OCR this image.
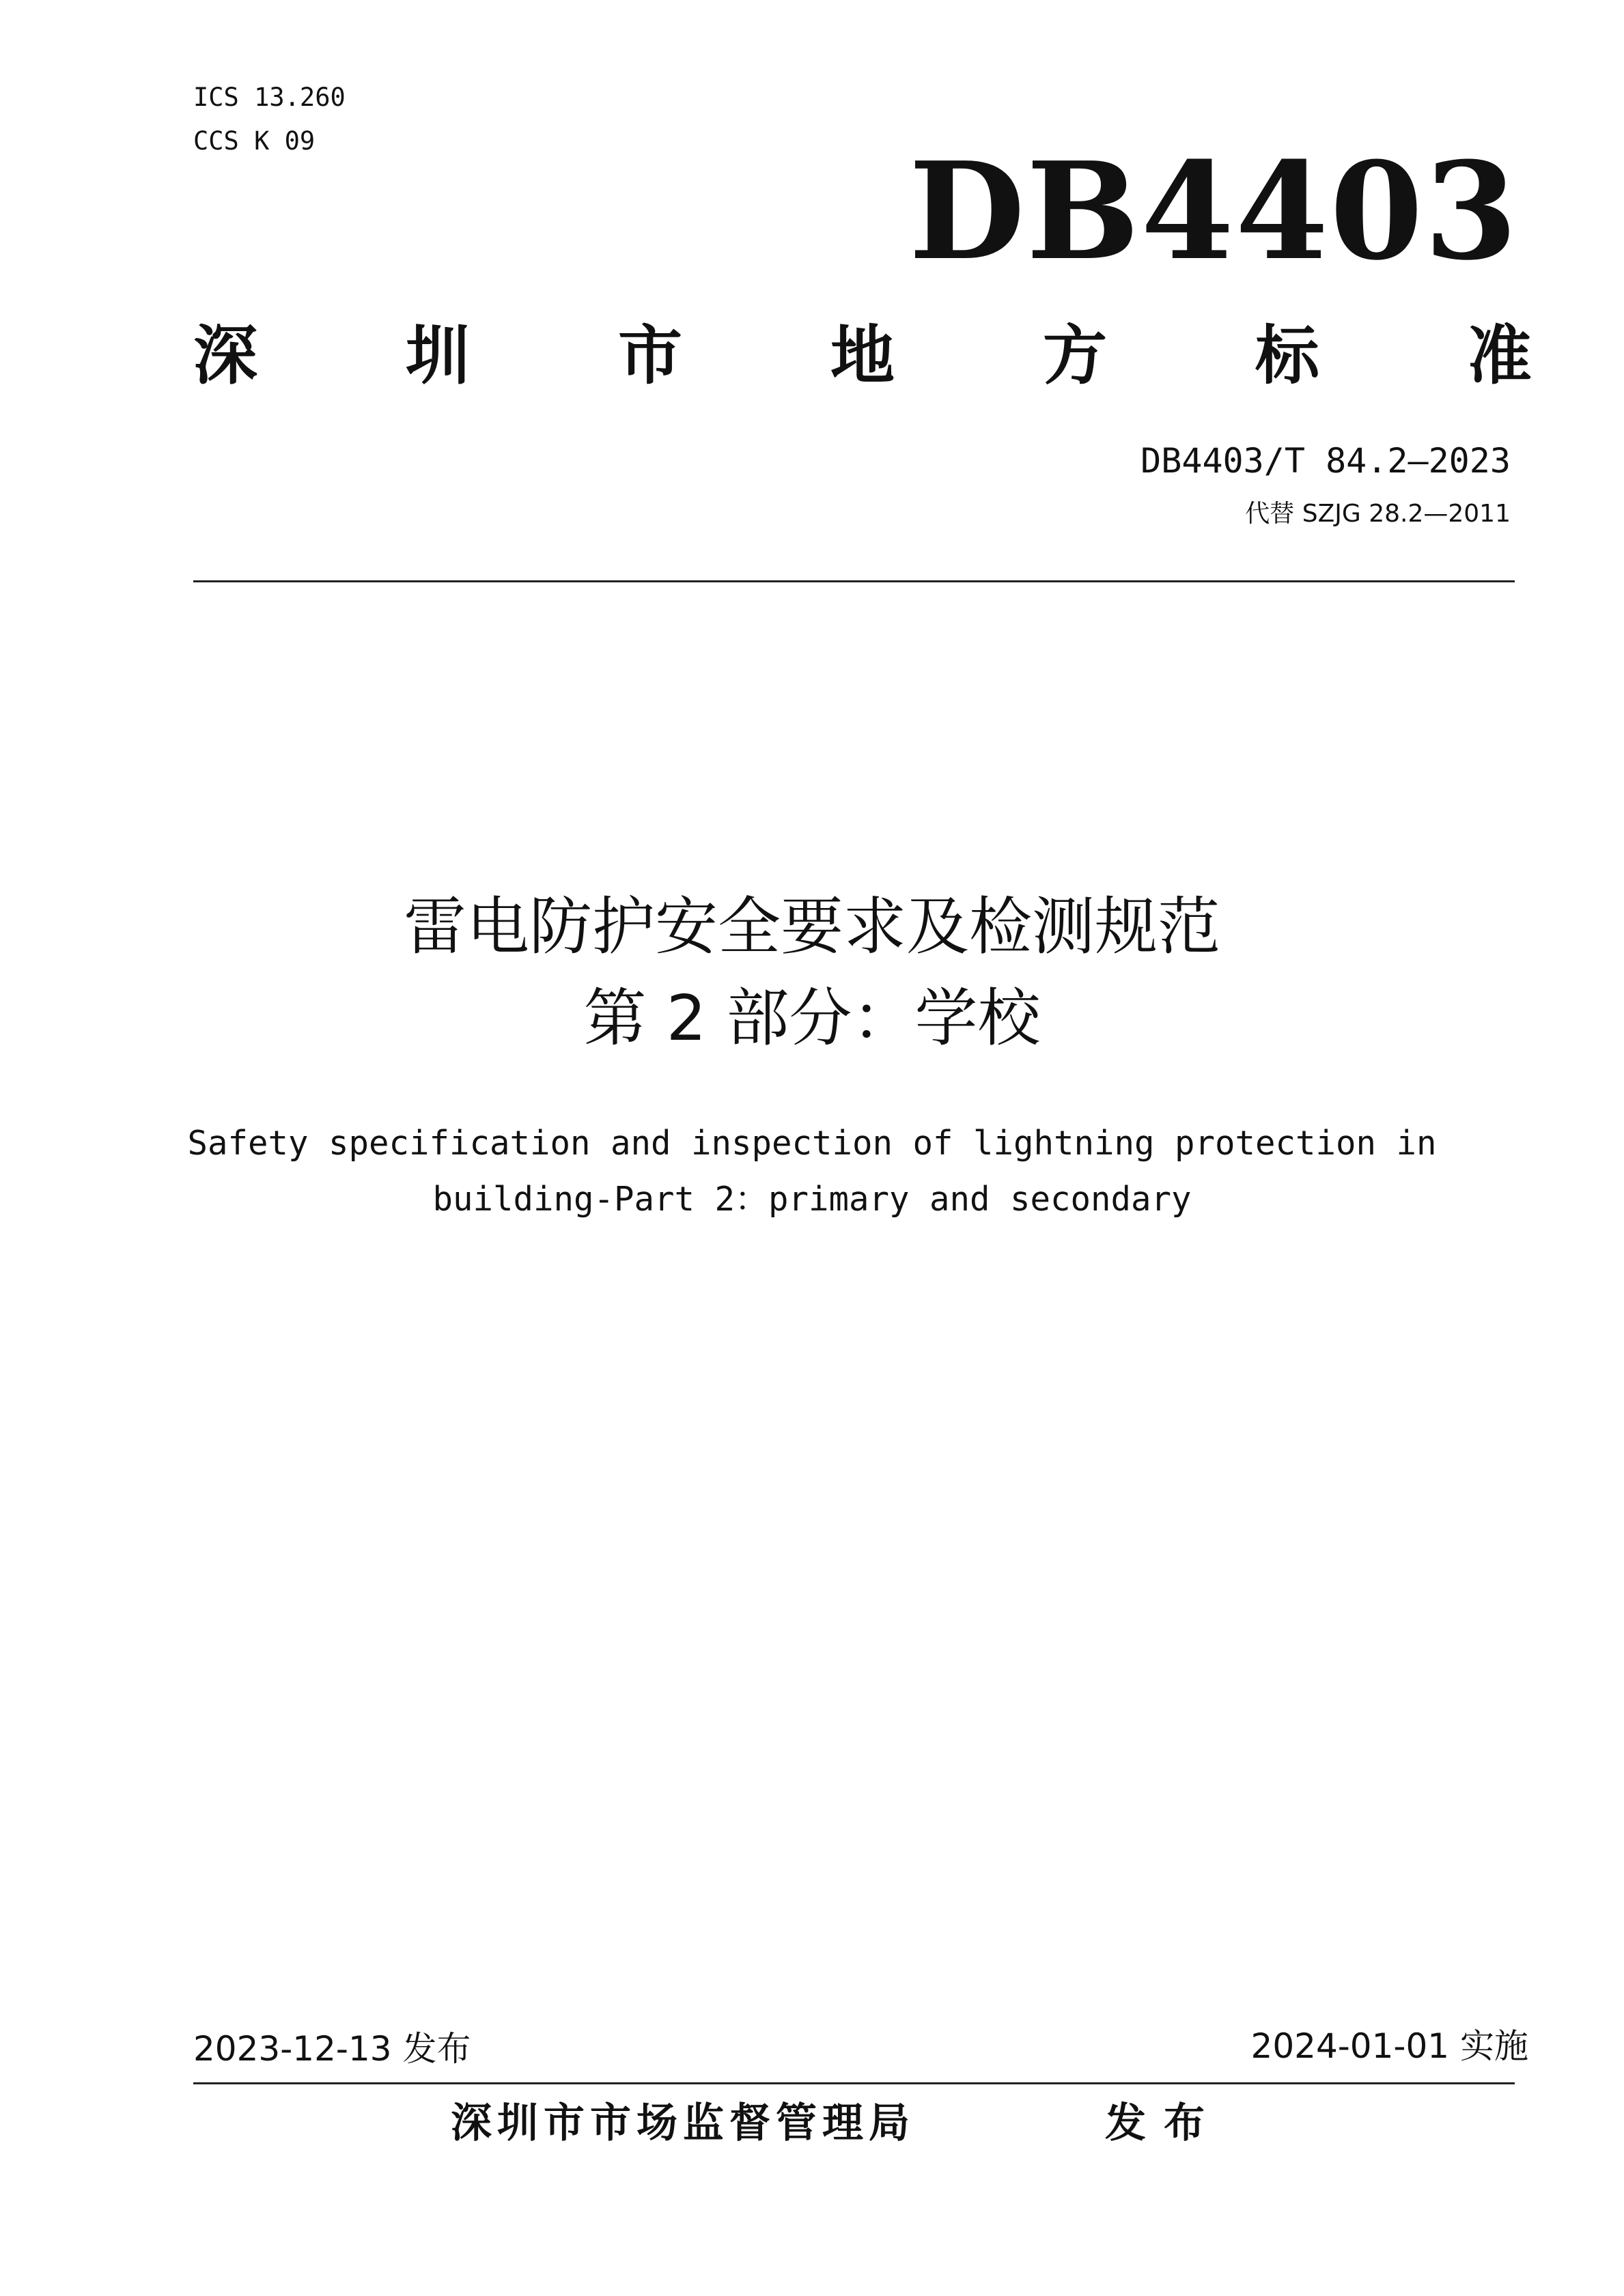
ICS 13.260
CCS K 09	DB4403
深 圳 市 地 方 标 准
DB4403/T 84.2—2023
代替 SZJG 28.2—2011
雷电防护安全要求及检测规范
第 2 部分：学校
Safety specification and inspection of lightning protection in
building-Part 2：primary and secondary
2023-12-13 发布	2024-01-01 实施
深圳市市场监督管理局	发布
